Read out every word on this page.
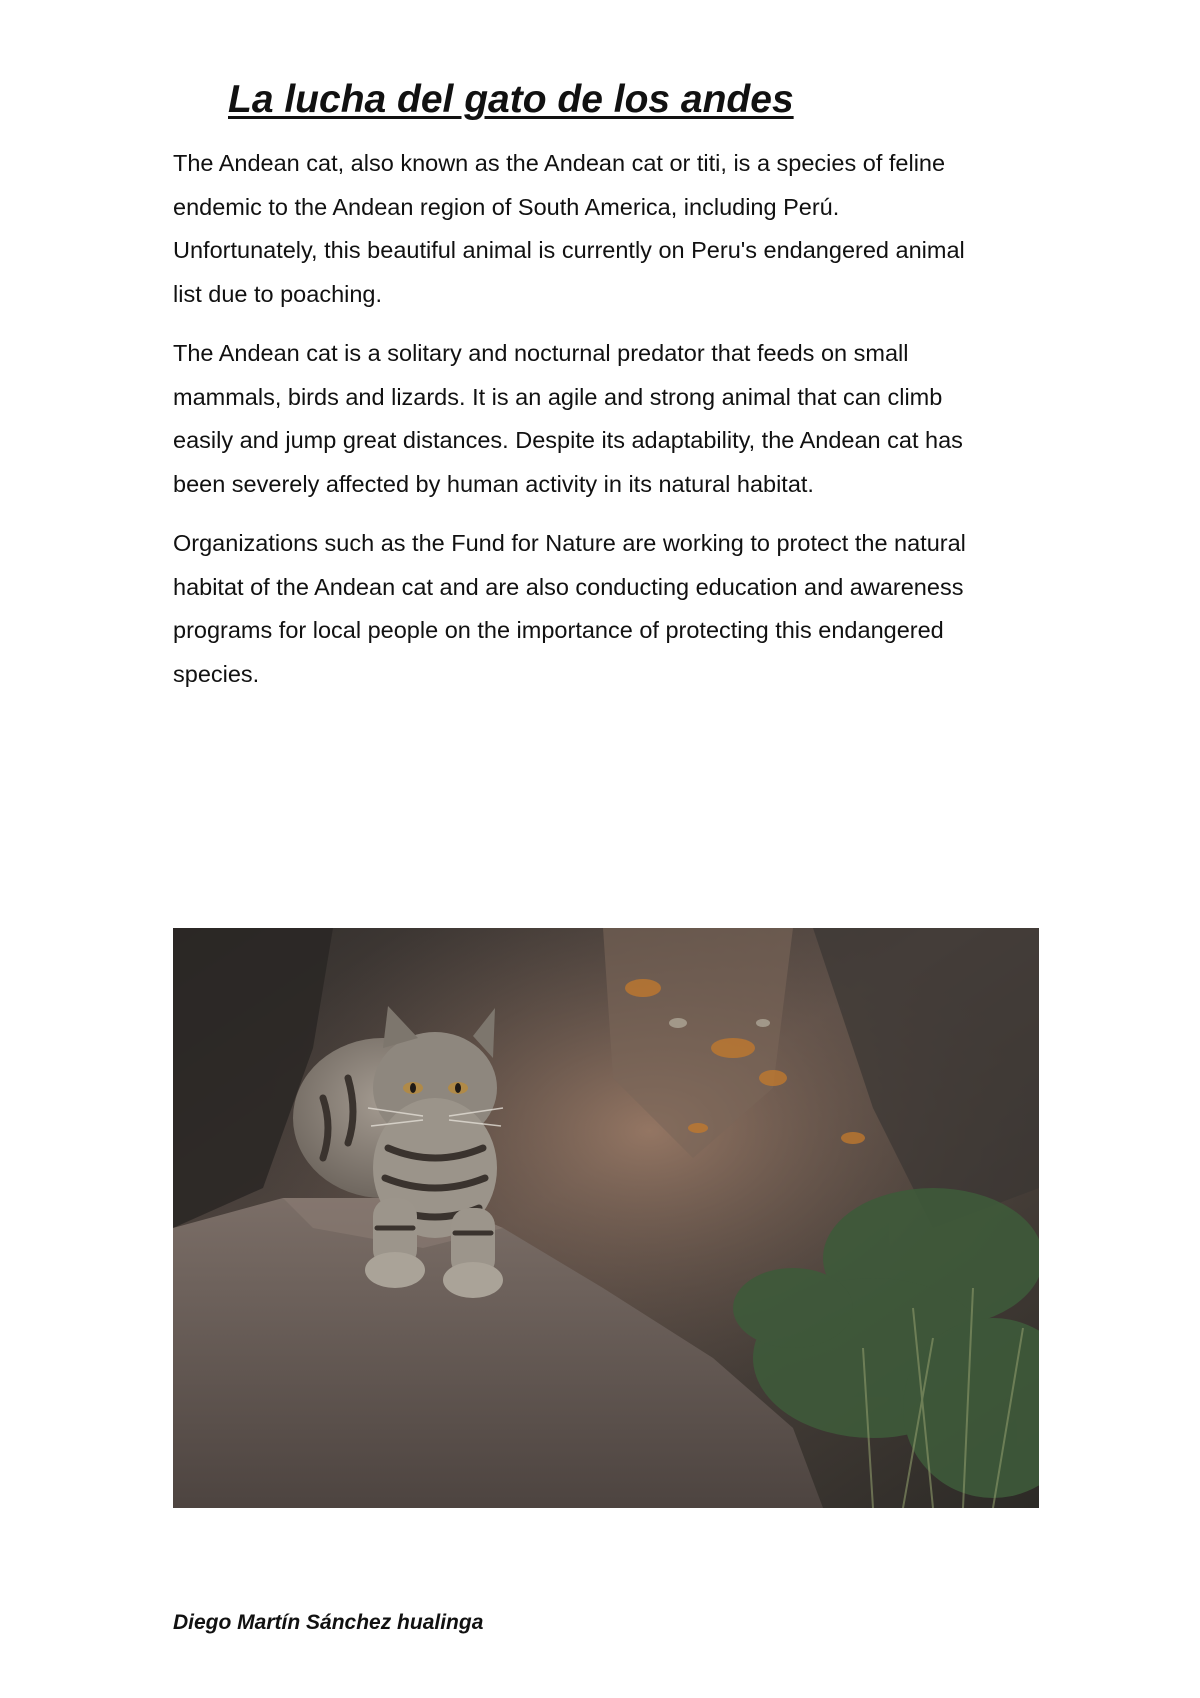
La lucha del gato de los andes

The Andean cat, also known as the Andean cat or titi, is a species of feline endemic to the Andean region of South America, including Perú. Unfortunately, this beautiful animal is currently on Peru's endangered animal list due to poaching.

The Andean cat is a solitary and nocturnal predator that feeds on small mammals, birds and lizards. It is an agile and strong animal that can climb easily and jump great distances. Despite its adaptability, the Andean cat has been severely affected by human activity in its natural habitat.

Organizations such as the Fund for Nature are working to protect the natural habitat of the Andean cat and are also conducting education and awareness programs for local people on the importance of protecting this endangered species.

Diego Martín Sánchez hualinga
